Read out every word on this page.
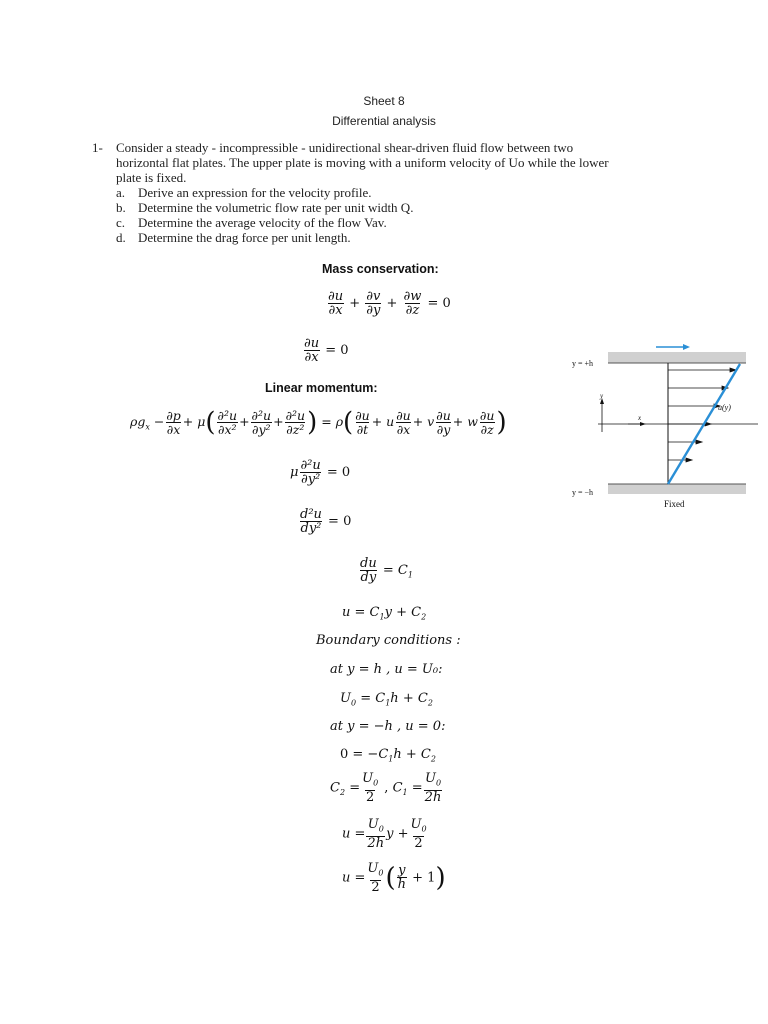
Sheet 8
Differential analysis
1- Consider a steady - incompressible - unidirectional shear-driven fluid flow between two
horizontal flat plates. The upper plate is moving with a uniform velocity of Uo while the lower
plate is fixed.
a. Derive an expression for the velocity profile.
b. Determine the volumetric flow rate per unit width Q.
c. Determine the average velocity of the flow Vav.
d. Determine the drag force per unit length.
Mass conservation:
$\frac{\partial u}{\partial x} + \frac{\partial v}{\partial y} + \frac{\partial w}{\partial z} = 0$
$\frac{\partial u}{\partial x} = 0$
Linear momentum:
$\rho g_x - \frac{\partial p}{\partial x} + \mu( \frac{\text{∂²u}}{\text{∂x²}} + \frac{\text{∂²u}}{\text{∂y²}} + \frac{\text{∂²u}}{\text{∂z²}}$ ) = $\rho( \frac{\partial u}{\partial t} + u \frac{\partial u}{\partial x} + v \frac{\partial u}{\partial y} + w \frac{\partial u}{\partial z}$ )
μ $\frac{\text{∂²u}}{\text{∂y²}} = 0$
$\frac{\text{d²u}}{\text{dy²}} = 0$
$\frac{du}{dy} = C_1$
$u = C_1y + C_2$
Boundary conditions :
at y = h , u = U₀:
$U_0 = C_1h + C_2$
at y = −h , u = 0:
$0 = -C_1h + C_2$
$C_2 = \frac{U_0}{2}$ , $C_1 = \frac{U_0}{2h}$
$u = \frac{U_0}{2h}$ $y + \frac{U_0}{2}$
$u = \frac{U_0}{2}$ ( $\frac{y}{h} + 1$)
y = +h
y = −h
y
x
u(y)
Fixed
